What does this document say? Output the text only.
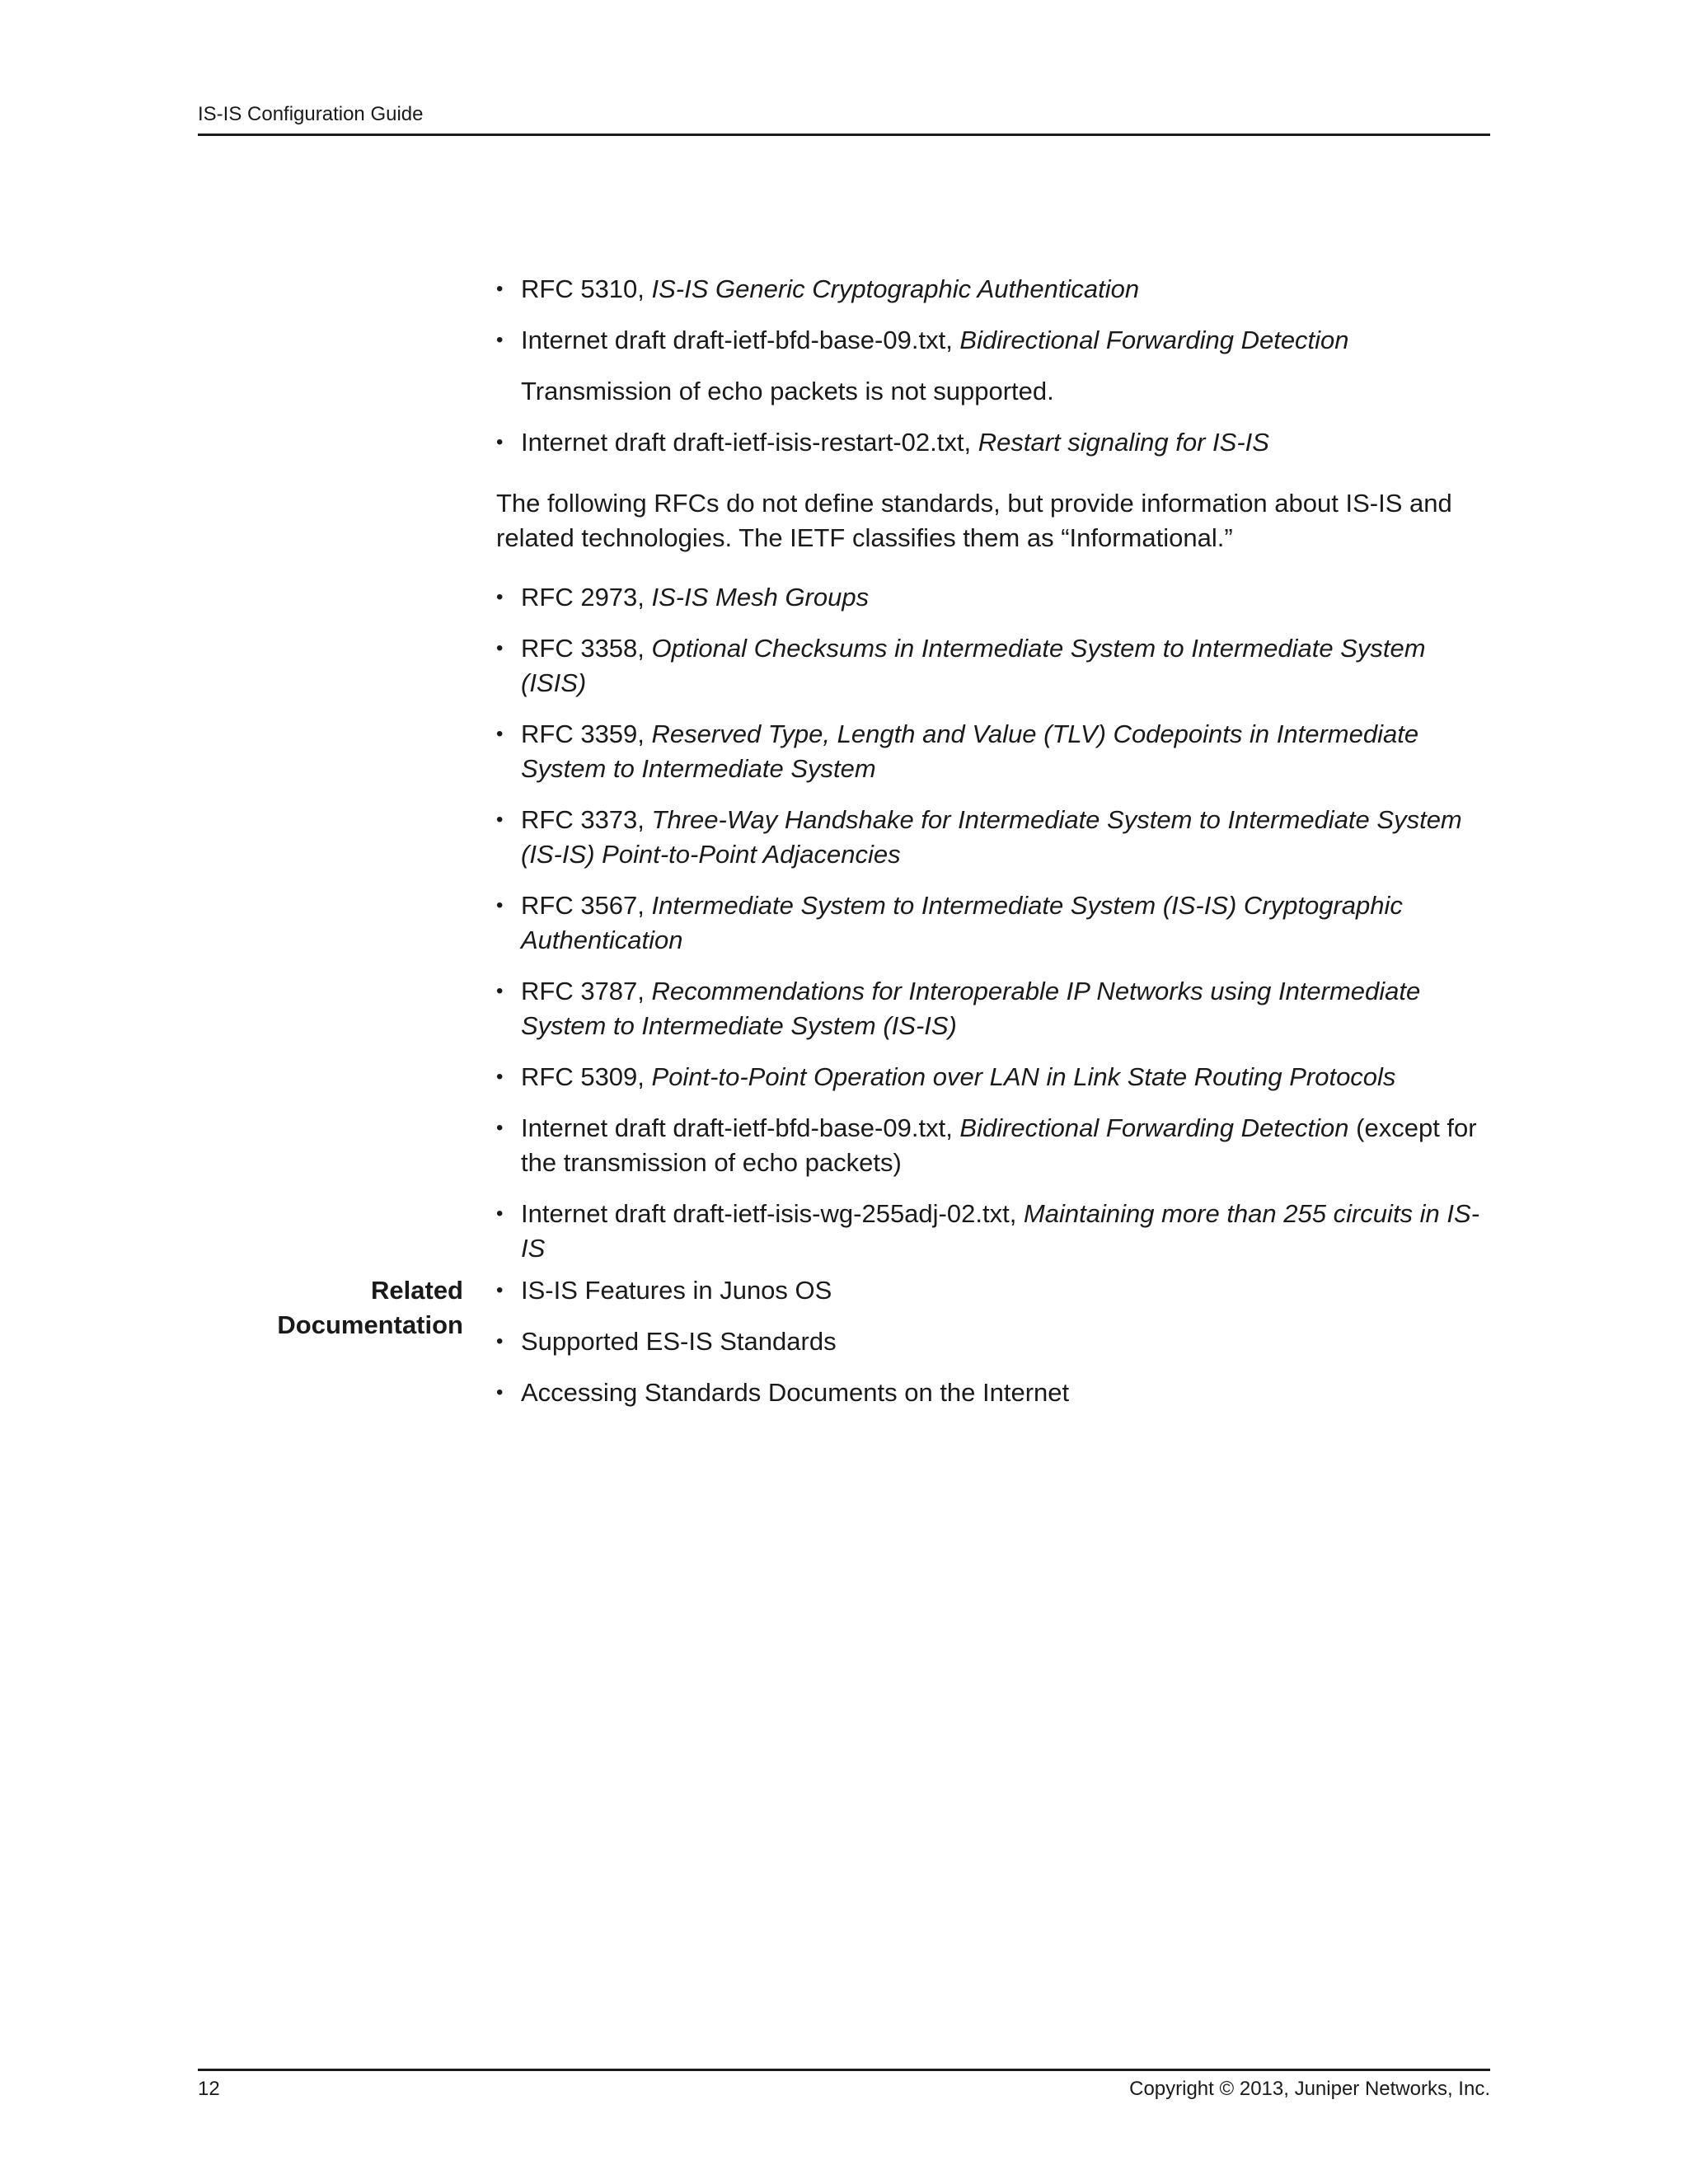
IS-IS Configuration Guide
• RFC 5310, IS-IS Generic Cryptographic Authentication
• Internet draft draft-ietf-bfd-base-09.txt, Bidirectional Forwarding Detection
Transmission of echo packets is not supported.
• Internet draft draft-ietf-isis-restart-02.txt, Restart signaling for IS-IS
The following RFCs do not define standards, but provide information about IS-IS and related technologies. The IETF classifies them as “Informational.”
• RFC 2973, IS-IS Mesh Groups
• RFC 3358, Optional Checksums in Intermediate System to Intermediate System (ISIS)
• RFC 3359, Reserved Type, Length and Value (TLV) Codepoints in Intermediate System to Intermediate System
• RFC 3373, Three-Way Handshake for Intermediate System to Intermediate System (IS-IS) Point-to-Point Adjacencies
• RFC 3567, Intermediate System to Intermediate System (IS-IS) Cryptographic Authentication
• RFC 3787, Recommendations for Interoperable IP Networks using Intermediate System to Intermediate System (IS-IS)
• RFC 5309, Point-to-Point Operation over LAN in Link State Routing Protocols
• Internet draft draft-ietf-bfd-base-09.txt, Bidirectional Forwarding Detection (except for the transmission of echo packets)
• Internet draft draft-ietf-isis-wg-255adj-02.txt, Maintaining more than 255 circuits in IS-IS
Related
Documentation
• IS-IS Features in Junos OS
• Supported ES-IS Standards
• Accessing Standards Documents on the Internet
12	Copyright © 2013, Juniper Networks, Inc.
